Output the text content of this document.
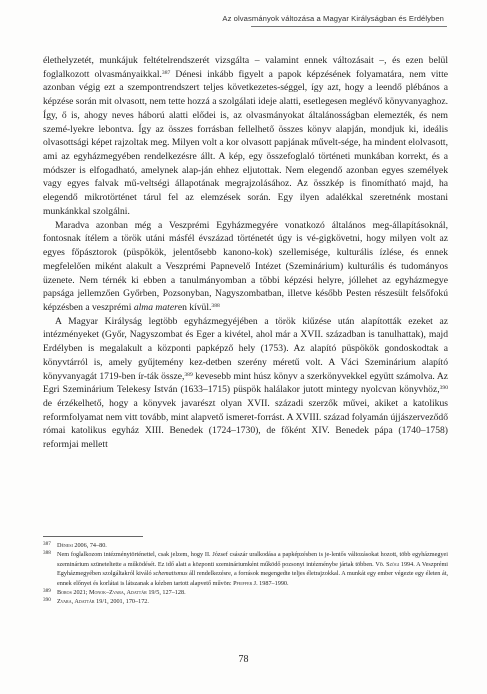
Az olvasmányok változása a Magyar Királyságban és Erdélyben

élethelyzetét, munkájuk feltételrendszerét vizsgálta – valamint ennek változásait –, és ezen belül foglalkozott olvasmányaikkal.$^{387}$ Dénesi inkább figyelt a papok képzésének folyamatára, nem vitte azonban végig ezt a szempontrendszert teljes következetes-séggel, így azt, hogy a leendő plébános a képzése során mit olvasott, nem tette hozzá a szolgálati ideje alatti, esetlegesen meglévő könyvanyaghoz. Így, ő is, ahogy neves háború alatti elődei is, az olvasmányokat általánosságban elemezték, és nem szemé-lyekre lebontva. Így az összes forrásban fellelhető összes könyv alapján, mondjuk ki, ideális olvasottsági képet rajzoltak meg. Milyen volt a kor olvasott papjának művelt-sége, ha mindent elolvasott, ami az egyházmegyében rendelkezésre állt. A kép, egy összefoglaló történeti munkában korrekt, és a módszer is elfogadható, amelynek alap-ján ehhez eljutottak. Nem elegendő azonban egyes személyek vagy egyes falvak mű-veltségi állapotának megrajzolásához. Az összkép is finomítható majd, ha elegendő mikrotörténet tárul fel az elemzések során. Egy ilyen adalékkal szeretnénk mostani munkánkkal szolgálni.

Maradva azonban még a Veszprémi Egyházmegyére vonatkozó általános meg-állapításoknál, fontosnak ítélem a török utáni másfél évszázad történetét úgy is vé-gigkövetni, hogy milyen volt az egyes főpásztorok (püspökök, jelentősebb kanono-kok) szellemisége, kulturális ízlése, és ennek megfelelően miként alakult a Veszprémi Papnevelő Intézet (Szeminárium) kulturális és tudományos üzenete. Nem térnék ki ebben a tanulmányomban a többi képzési helyre, jóllehet az egyházmegye papsága jellemzően Győrben, Pozsonyban, Nagyszombatban, illetve később Pesten részesült felsőfokú képzésben a veszprémi alma materen kívül.$^{388}$

A Magyar Királyság legtöbb egyházmegyéjében a török kiűzése után alapították ezeket az intézményeket (Győr, Nagyszombat és Eger a kivétel, ahol már a XVII. században is tanulhattak), majd Erdélyben is megalakult a központi papképző hely (1753). Az alapító püspökök gondoskodtak a könyvtárról is, amely gyűjtemény kez-detben szerény méretű volt. A Váci Szeminárium alapító könyvanyagát 1719-ben ír-ták össze,$^{389}$ kevesebb mint húsz könyv a szerkönyvekkel együtt számolva. Az Egri Szeminárium Telekesy István (1633–1715) püspök halálakor jutott mintegy nyolcvan könyvhöz,$^{390}$ de érzékelhető, hogy a könyvek javarészt olyan XVII. századi szerzők művei, akiket a katolikus reformfolyamat nem vitt tovább, mint alapvető ismeret-forrást. A XVIII. század folyamán újjászerveződő római katolikus egyház XIII. Benedek (1724–1730), de főként XIV. Benedek pápa (1740–1758) reformjai mellett

387	Dénesi 2006, 74–80.
388	Nem foglalkozom intézménytörténettel, csak jelzem, hogy II. József császár uralkodása a papképzésben is je-lentős változásokat hozott, több egyházmegyei szeminárium szüneteltette a működését. Ez idő alatt a központi szemináriumként működő pozsonyi intézménybe jártak többen. Vö. Szögi 1994. A Veszprémi Egyházmegyében szolgáltakról kiváló schematismus áll rendelkezésre, a források megengedte teljes életrajzokkal. A munkát egy ember végezte egy életen át, ennek előnyei és korlátai is látszanak a kézben tartott alapvető művön: Pfeiffer J. 1987–1990.
389	Boros 2021; Monok–Zvara, Adattár 19/5, 127–128.
390	Zvara, Adattár 19/1, 2001, 170–172.
78
